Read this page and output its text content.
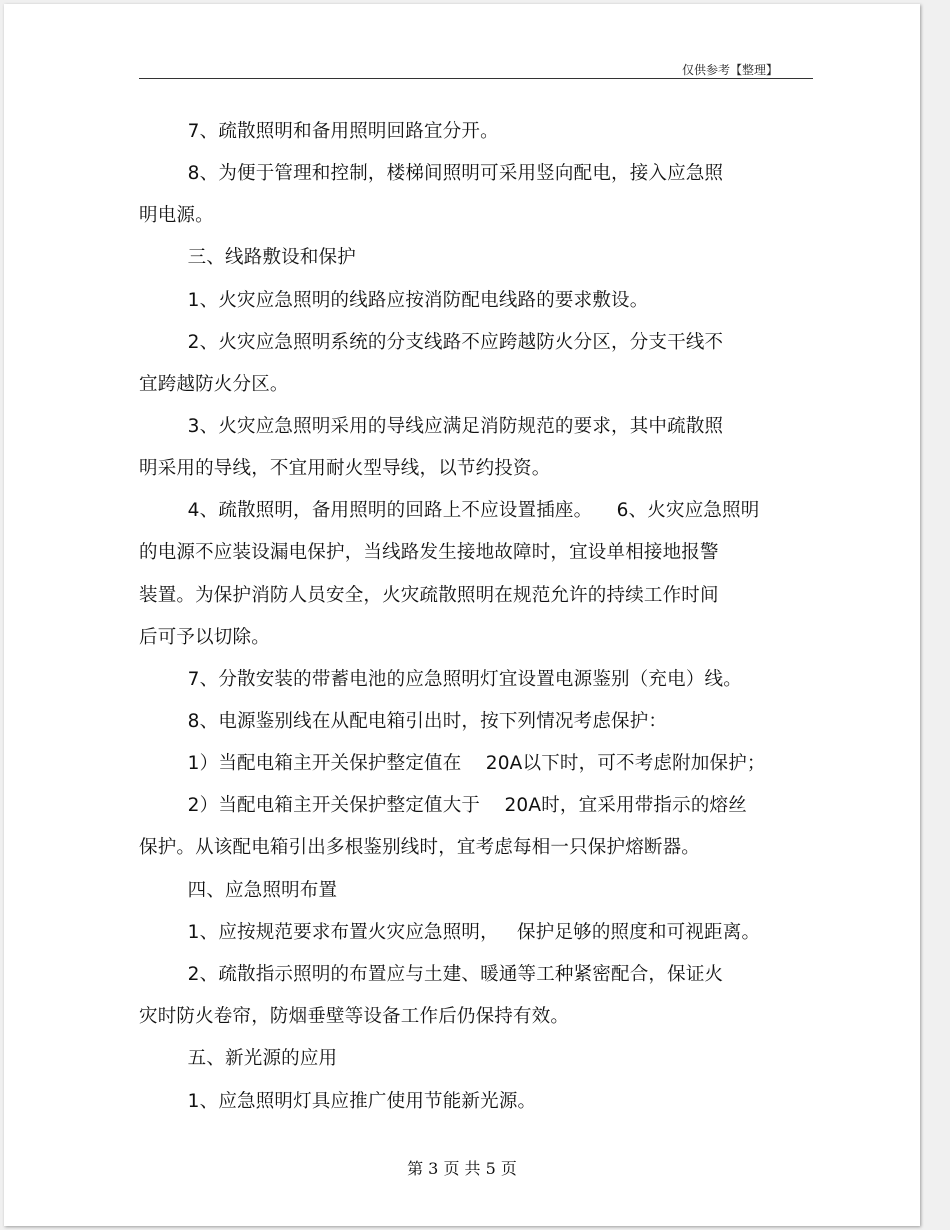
仅供参考【整理】
7、疏散照明和备用照明回路宜分开。
8、为便于管理和控制，楼梯间照明可采用竖向配电，接入应急照
明电源。
三、线路敷设和保护
1、火灾应急照明的线路应按消防配电线路的要求敷设。
2、火灾应急照明系统的分支线路不应跨越防火分区，分支干线不
宜跨越防火分区。
3、火灾应急照明采用的导线应满足消防规范的要求，其中疏散照
明采用的导线，不宜用耐火型导线，以节约投资。
4、疏散照明，备用照明的回路上不应设置插座。    6、火灾应急照明
的电源不应装设漏电保护，当线路发生接地故障时，宜设单相接地报警
装置。为保护消防人员安全，火灾疏散照明在规范允许的持续工作时间
后可予以切除。
7、分散安装的带蓄电池的应急照明灯宜设置电源鉴别（充电）线。
8、电源鉴别线在从配电箱引出时，按下列情况考虑保护：
1）当配电箱主开关保护整定值在    20A以下时，可不考虑附加保护；
2）当配电箱主开关保护整定值大于    20A时，宜采用带指示的熔丝
保护。从该配电箱引出多根鉴别线时，宜考虑每相一只保护熔断器。
四、应急照明布置
1、应按规范要求布置火灾应急照明，   保护足够的照度和可视距离。
2、疏散指示照明的布置应与土建、暖通等工种紧密配合，保证火
灾时防火卷帘，防烟垂壁等设备工作后仍保持有效。
五、新光源的应用
1、应急照明灯具应推广使用节能新光源。
第 3 页 共 5 页
